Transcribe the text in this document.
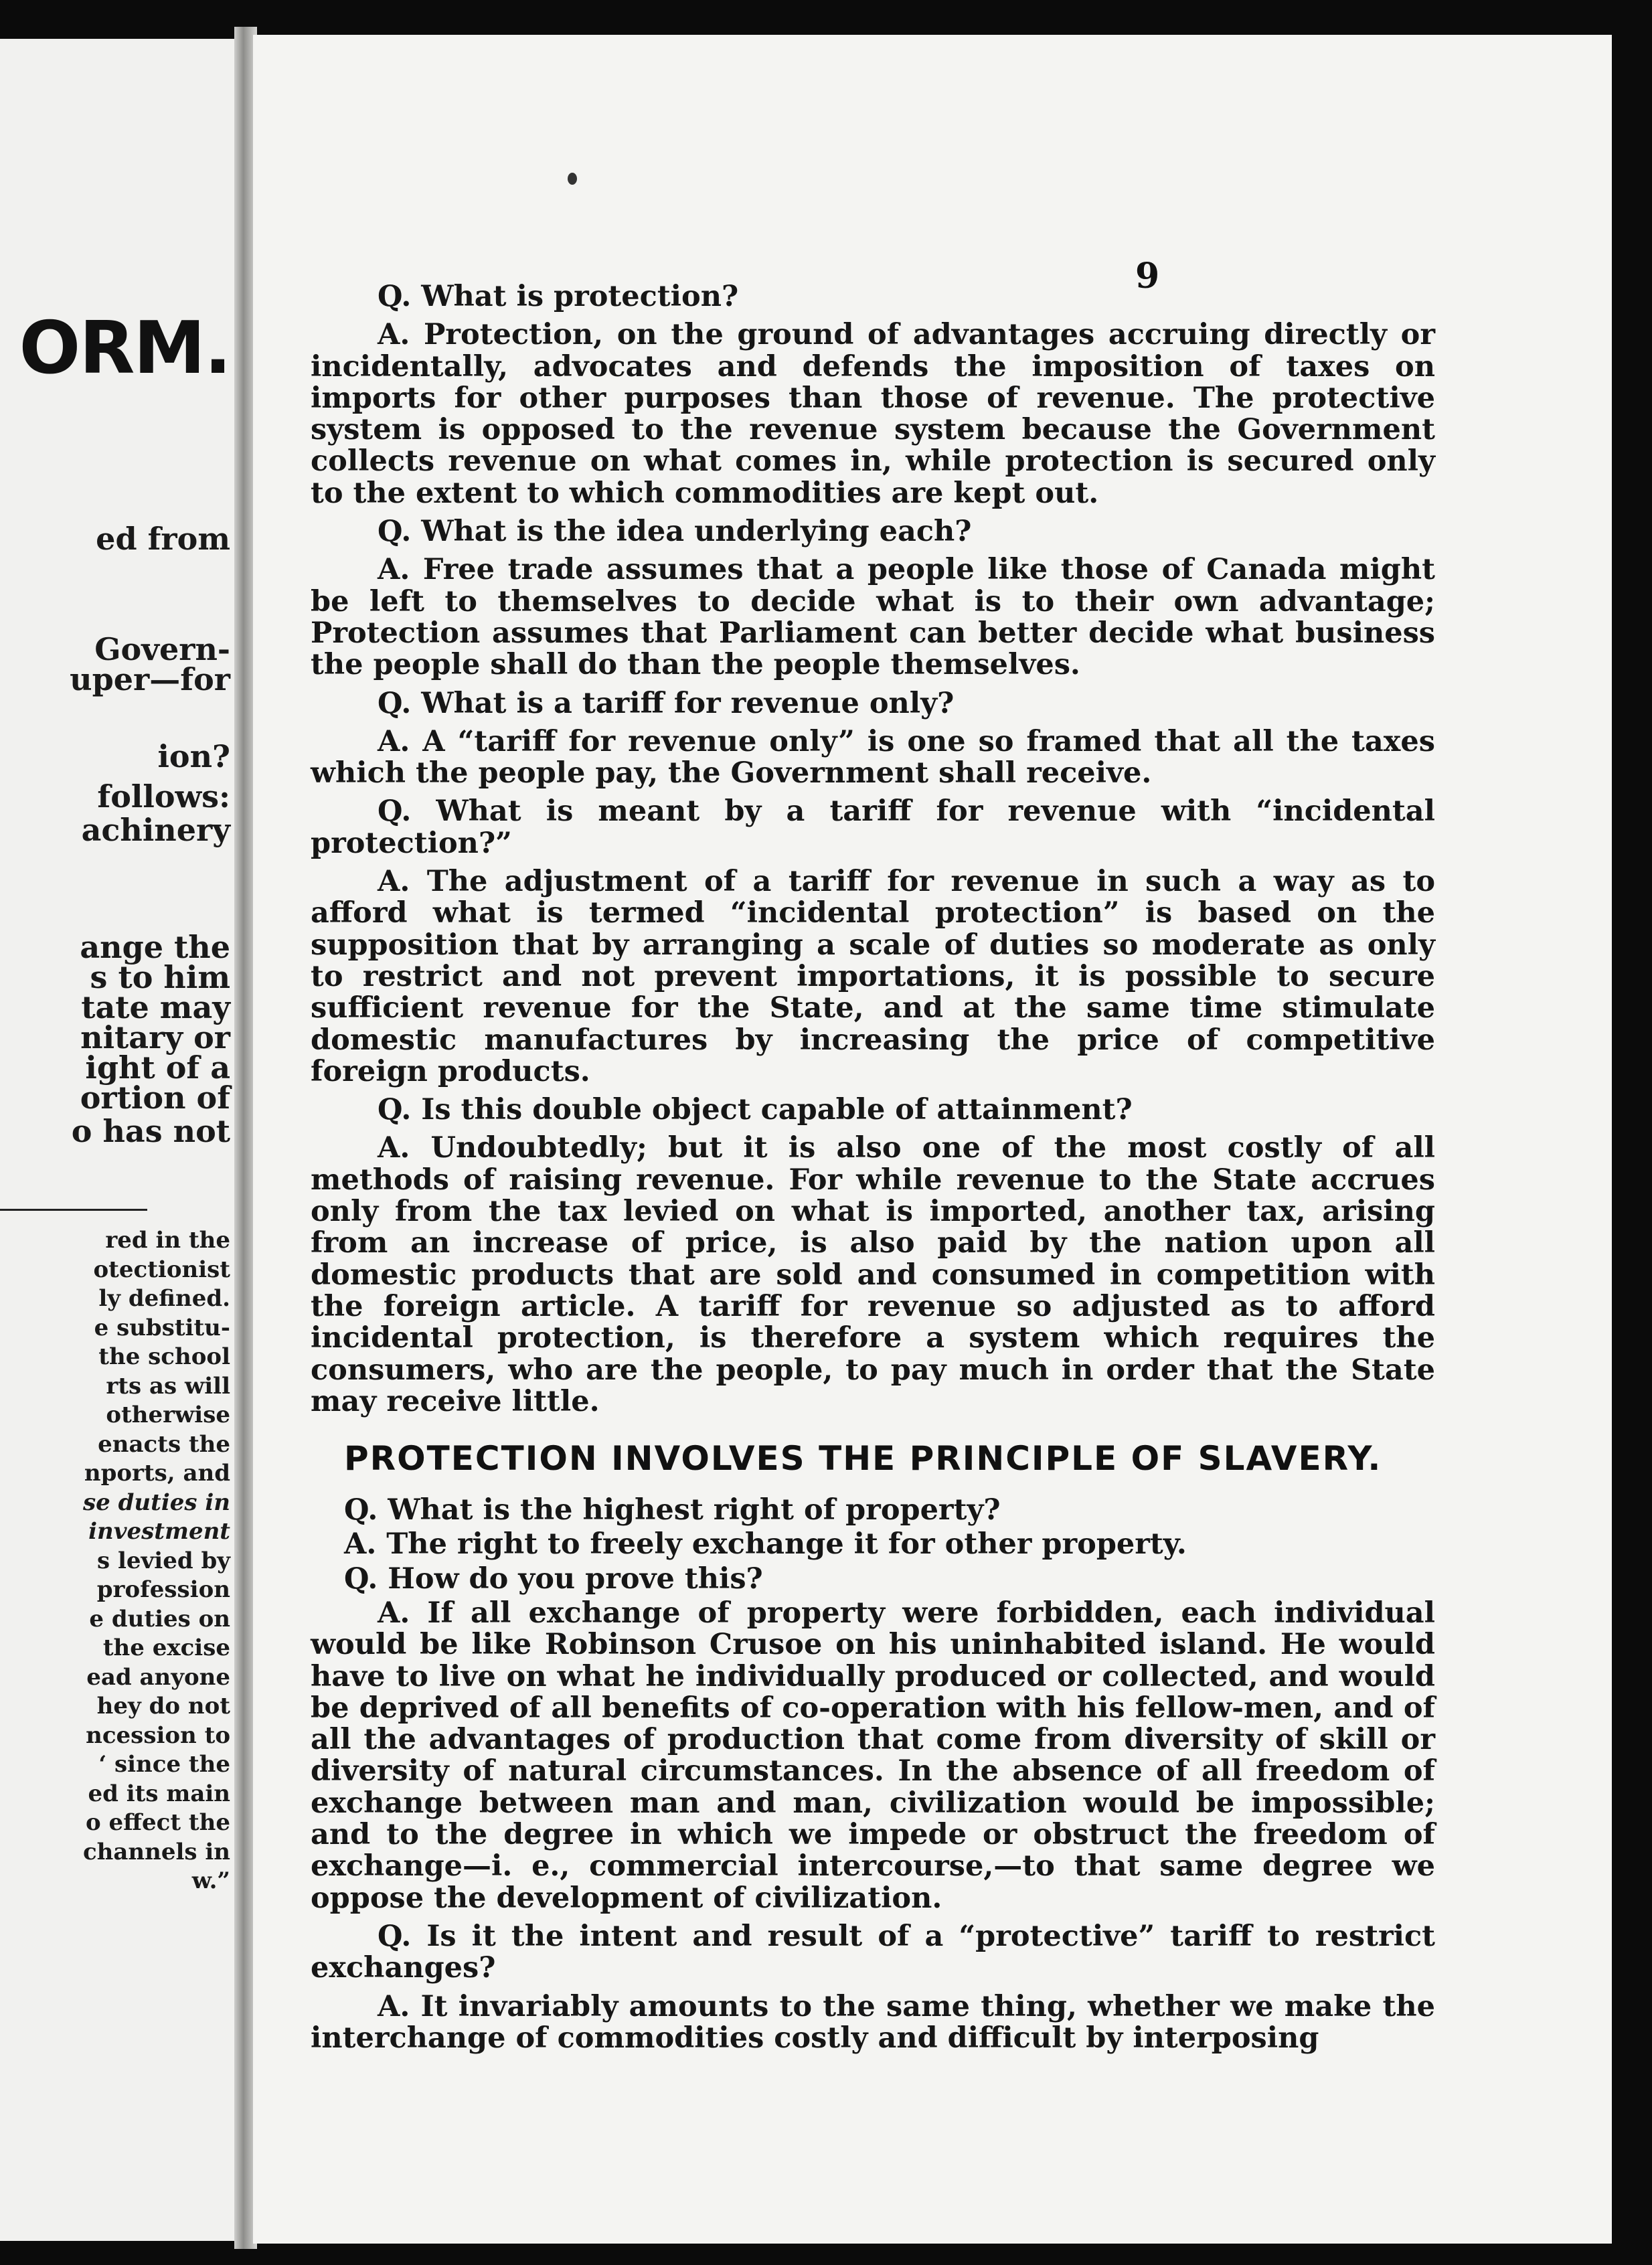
ORM.
ed from
Govern-
uper—for
ion?
follows:
achinery
ange the
s to him
tate may
nitary or
ight of a
ortion of
o has not
red in the
otectionist
ly defined.
e substitu-
the school
rts as will
otherwise
enacts the
nports, and
se duties in
investment
s levied by
profession
e duties on
the excise
ead anyone
hey do not
ncession to
‘ since the
ed its main
o effect the
channels in
w.”
9

Q. What is protection?

A. Protection, on the ground of advantages accruing directly or incidentally, advocates and defends the imposition of taxes on imports for other purposes than those of revenue. The protective system is opposed to the revenue system because the Government collects revenue on what comes in, while protection is secured only to the extent to which commodities are kept out.

Q. What is the idea underlying each?

A. Free trade assumes that a people like those of Canada might be left to themselves to decide what is to their own advantage; Protection assumes that Parliament can better decide what business the people shall do than the people themselves.

Q. What is a tariff for revenue only?

A. A “tariff for revenue only” is one so framed that all the taxes which the people pay, the Government shall receive.

Q. What is meant by a tariff for revenue with “incidental protection?”

A. The adjustment of a tariff for revenue in such a way as to afford what is termed “incidental protection” is based on the supposition that by arranging a scale of duties so moderate as only to restrict and not prevent importations, it is possible to secure sufficient revenue for the State, and at the same time stimulate domestic manufactures by increasing the price of competitive foreign products.

Q. Is this double object capable of attainment?

A. Undoubtedly; but it is also one of the most costly of all methods of raising revenue. For while revenue to the State accrues only from the tax levied on what is imported, another tax, arising from an increase of price, is also paid by the nation upon all domestic products that are sold and consumed in competition with the foreign article. A tariff for revenue so adjusted as to afford incidental protection, is therefore a system which requires the consumers, who are the people, to pay much in order that the State may receive little.

PROTECTION INVOLVES THE PRINCIPLE OF SLAVERY.

Q. What is the highest right of property?

A. The right to freely exchange it for other property.

Q. How do you prove this?

A. If all exchange of property were forbidden, each individual would be like Robinson Crusoe on his uninhabited island. He would have to live on what he individually produced or collected, and would be deprived of all benefits of co-operation with his fellow-men, and of all the advantages of production that come from diversity of skill or diversity of natural circumstances. In the absence of all freedom of exchange between man and man, civilization would be impossible; and to the degree in which we impede or obstruct the freedom of exchange—i. e., commercial intercourse,—to that same degree we oppose the development of civilization.

Q. Is it the intent and result of a “protective” tariff to restrict exchanges?

A. It invariably amounts to the same thing, whether we make the interchange of commodities costly and difficult by interposing
